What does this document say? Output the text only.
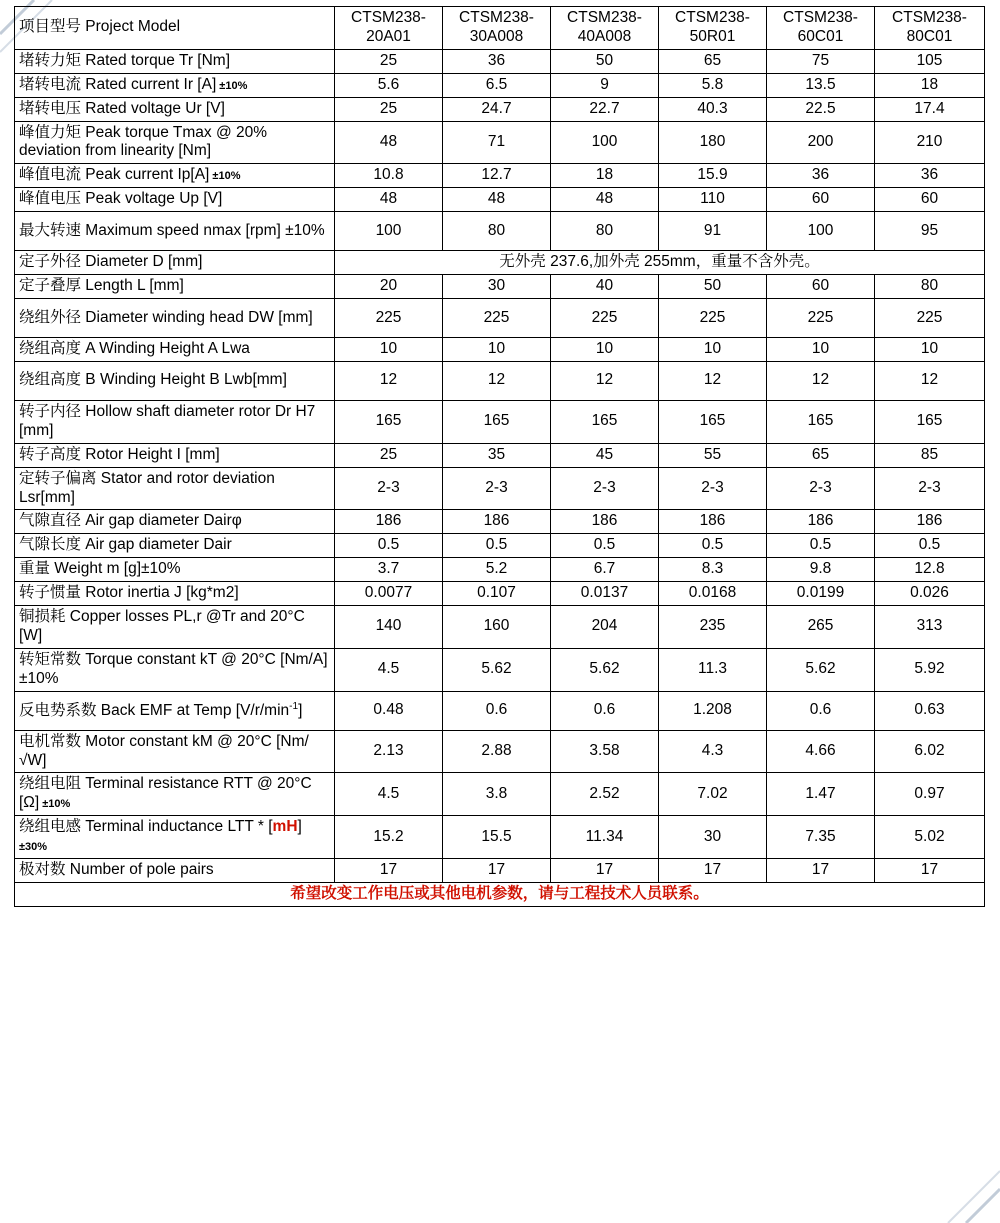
项目型号 Project Model	CTSM238-20A01	CTSM238-30A008	CTSM238-40A008	CTSM238-50R01	CTSM238-60C01	CTSM238-80C01
堵转力矩 Rated torque Tr [Nm]	25	36	50	65	75	105
堵转电流 Rated current Ir [A] ±10%	5.6	6.5	9	5.8	13.5	18
堵转电压 Rated voltage Ur [V]	25	24.7	22.7	40.3	22.5	17.4
峰值力矩 Peak torque Tmax @ 20% deviation from linearity [Nm]	48	71	100	180	200	210
峰值电流 Peak current Ip[A] ±10%	10.8	12.7	18	15.9	36	36
峰值电压 Peak voltage Up [V]	48	48	48	110	60	60
最大转速 Maximum speed nmax [rpm] ±10%	100	80	80	91	100	95
定子外径 Diameter D [mm]	无外壳 237.6,加外壳 255mm，重量不含外壳。					
定子叠厚 Length L [mm]	20	30	40	50	60	80
绕组外径 Diameter winding head DW [mm]	225	225	225	225	225	225
绕组高度 A Winding Height A Lwa	10	10	10	10	10	10
绕组高度 B Winding Height B Lwb[mm]	12	12	12	12	12	12
转子内径 Hollow shaft diameter rotor Dr H7 [mm]	165	165	165	165	165	165
转子高度 Rotor Height I [mm]	25	35	45	55	65	85
定转子偏离 Stator and rotor deviation Lsr[mm]	2-3	2-3	2-3	2-3	2-3	2-3
气隙直径 Air gap diameter Dairφ	186	186	186	186	186	186
气隙长度 Air gap diameter Dair	0.5	0.5	0.5	0.5	0.5	0.5
重量 Weight m [g]±10%	3.7	5.2	6.7	8.3	9.8	12.8
转子惯量 Rotor inertia J [kg*m2]	0.0077	0.107	0.0137	0.0168	0.0199	0.026
铜损耗 Copper losses PL,r @Tr and 20°C [W]	140	160	204	235	265	313
转矩常数 Torque constant kT @ 20°C [Nm/A] ±10%	4.5	5.62	5.62	11.3	5.62	5.92
反电势系数 Back EMF at Temp $[V/r/\min^{-1}]$	0.48	0.6	0.6	1.208	0.6	0.63
电机常数 Motor constant kM @ 20°C [Nm/√W]	2.13	2.88	3.58	4.3	4.66	6.02
绕组电阻 Terminal resistance RTT @ 20°C [Ω] ±10%	4.5	3.8	2.52	7.02	1.47	0.97
绕组电感 Terminal inductance LTT * [mH] ±30%	15.2	15.5	11.34	30	7.35	5.02
极对数 Number of pole pairs	17	17	17	17	17	17
希望改变工作电压或其他电机参数，请与工程技术人员联系。						
